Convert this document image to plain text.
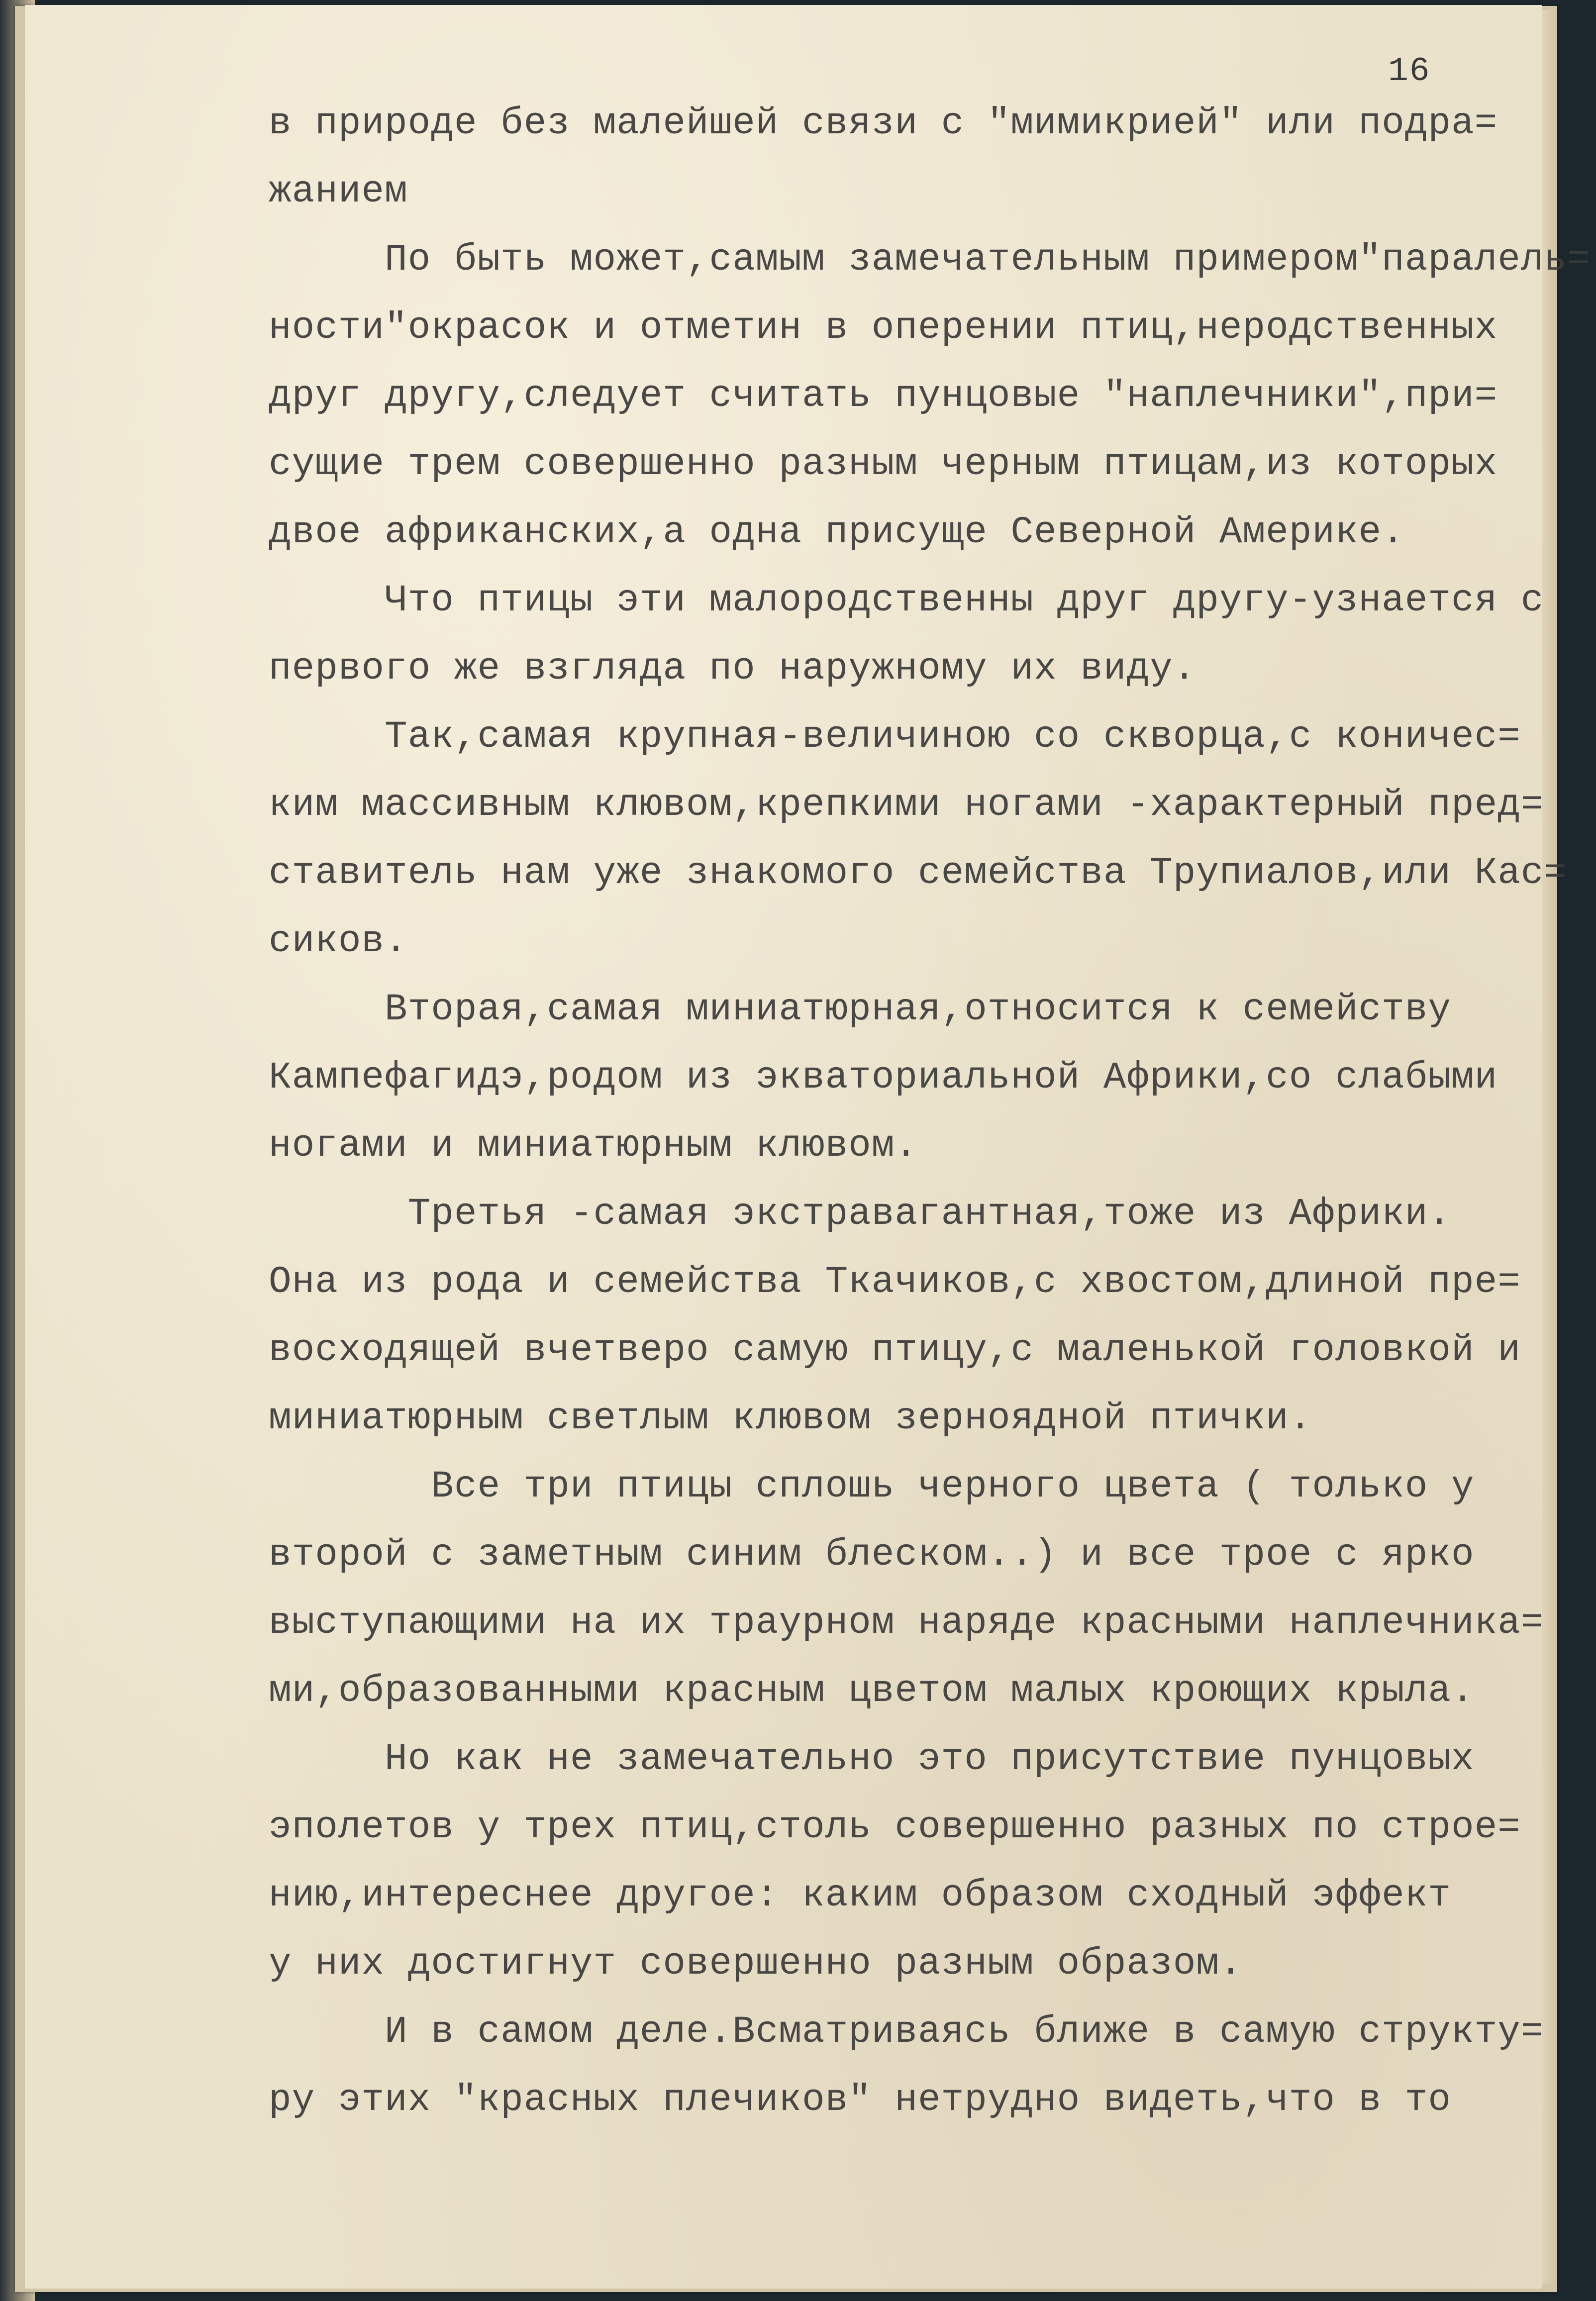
16
в природе без малейшей связи с "мимикрией" или подра=
жанием
По быть может,самым замечательным примером"паралель=
ности"окрасок и отметин в оперении птиц,неродственных
друг другу,следует считать пунцовые "наплечники",при=
сущие трем совершенно разным черным птицам,из которых
двое африканских,а одна присуще Северной Америке.
Что птицы эти малородственны друг другу-узнается с
первого же взгляда по наружному их виду.
Так,самая крупная-величиною со скворца,с коничес=
ким массивным клювом,крепкими ногами -характерный пред=
ставитель нам уже знакомого семейства Трупиалов,или Кас=
сиков.
Вторая,самая миниатюрная,относится к семейству
Кампефагидэ,родом из экваториальной Африки,со слабыми
ногами и миниатюрным клювом.
Третья -самая экстравагантная,тоже из Африки.
Она из рода и семейства Ткачиков,с хвостом,длиной пре=
восходящей вчетверо самую птицу,с маленькой головкой и
миниатюрным светлым клювом зерноядной птички.
Все три птицы сплошь черного цвета ( только у
второй с заметным синим блеском..) и все трое с ярко
выступающими на их траурном наряде красными наплечника=
ми,образованными красным цветом малых кроющих крыла.
Но как не замечательно это присутствие пунцовых
эполетов у трех птиц,столь совершенно разных по строе=
нию,интереснее другое: каким образом сходный эффект
у них достигнут совершенно разным образом.
И в самом деле.Всматриваясь ближе в самую структу=
ру этих "красных плечиков" нетрудно видеть,что в то
